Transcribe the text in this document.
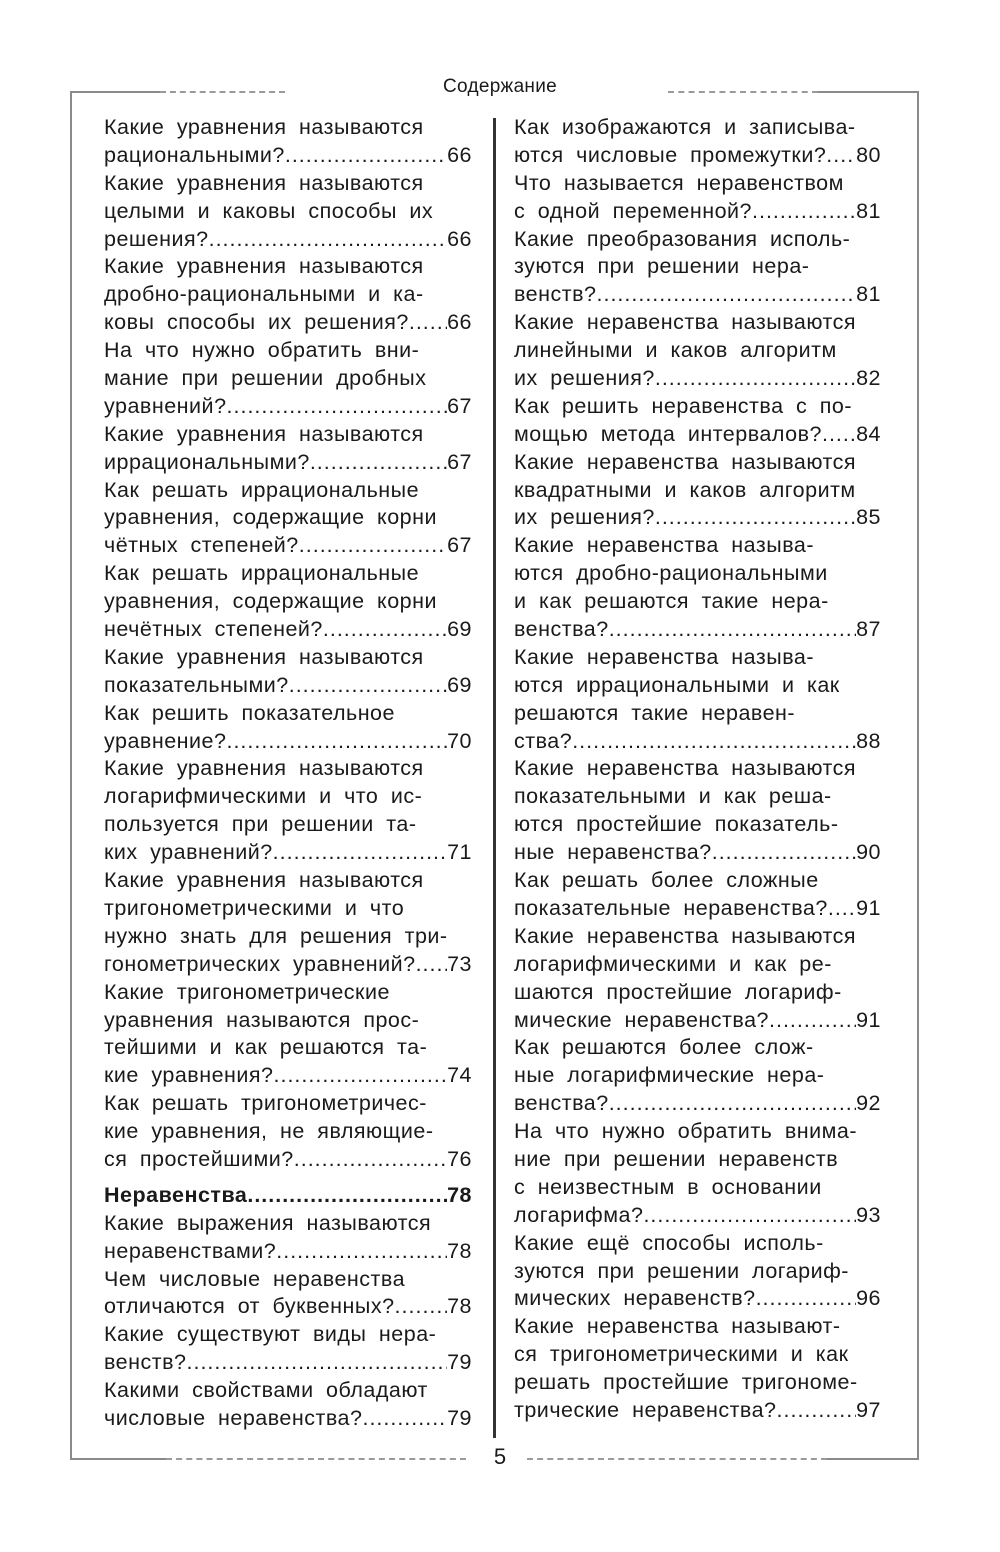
Содержание
Какие уравнения называются
рациональными? .....	66
Какие уравнения называются
целыми и каковы способы их
решения? .....	66
Какие уравнения называются
дробно-рациональными и ка-
ковы способы их решения? ..... 66
На что нужно обратить вни-
мание при решении дробных
уравнений? .....	67
Какие уравнения называются
иррациональными? .....	67
Как решать иррациональные
уравнения, содержащие корни
чётных степеней? .....	67
Как решать иррациональные
уравнения, содержащие корни
нечётных степеней? .....	69
Какие уравнения называются
показательными? .....	69
Как решить показательное
уравнение? .....	70
Какие уравнения называются
логарифмическими и что ис-
пользуется при решении та-
ких уравнений? .....	71
Какие уравнения называются
тригонометрическими и что
нужно знать для решения три-
гонометрических уравнений? ..... 73
Какие тригонометрические
уравнения называются прос-
тейшими и как решаются та-
кие уравнения? .....	74
Как решать тригонометричес-
кие уравнения, не являющие-
ся простейшими? .....	76
Неравенства .....	78
Какие выражения называются
неравенствами? .....	78
Чем числовые неравенства
отличаются от буквенных? ..... 78
Какие существуют виды нера-
венств? .....	79
Какими свойствами обладают
числовые неравенства? .....	79
Как изображаются и записыва-
ются числовые промежутки? ..... 80
Что называется неравенством
с одной переменной? .....	81
Какие преобразования исполь-
зуются при решении нера-
венств? .....	81
Какие неравенства называются
линейными и каков алгоритм
их решения? .....	82
Как решить неравенства с по-
мощью метода интервалов? ..... 84
Какие неравенства называются
квадратными и каков алгоритм
их решения? .....	85
Какие неравенства называ-
ются дробно-рациональными
и как решаются такие нера-
венства? .....	87
Какие неравенства называ-
ются иррациональными и как
решаются такие неравен-
ства? .....	88
Какие неравенства называются
показательными и как реша-
ются простейшие показатель-
ные неравенства? .....	90
Как решать более сложные
показательные неравенства? ..... 91
Какие неравенства называются
логарифмическими и как ре-
шаются простейшие логариф-
мические неравенства? .....	91
Как решаются более слож-
ные логарифмические нера-
венства? .....	92
На что нужно обратить внима-
ние при решении неравенств
с неизвестным в основании
логарифма? .....	93
Какие ещё способы исполь-
зуются при решении логариф-
мических неравенств? .....	96
Какие неравенства называют-
ся тригонометрическими и как
решать простейшие тригономе-
трические неравенства? .....	97
5
